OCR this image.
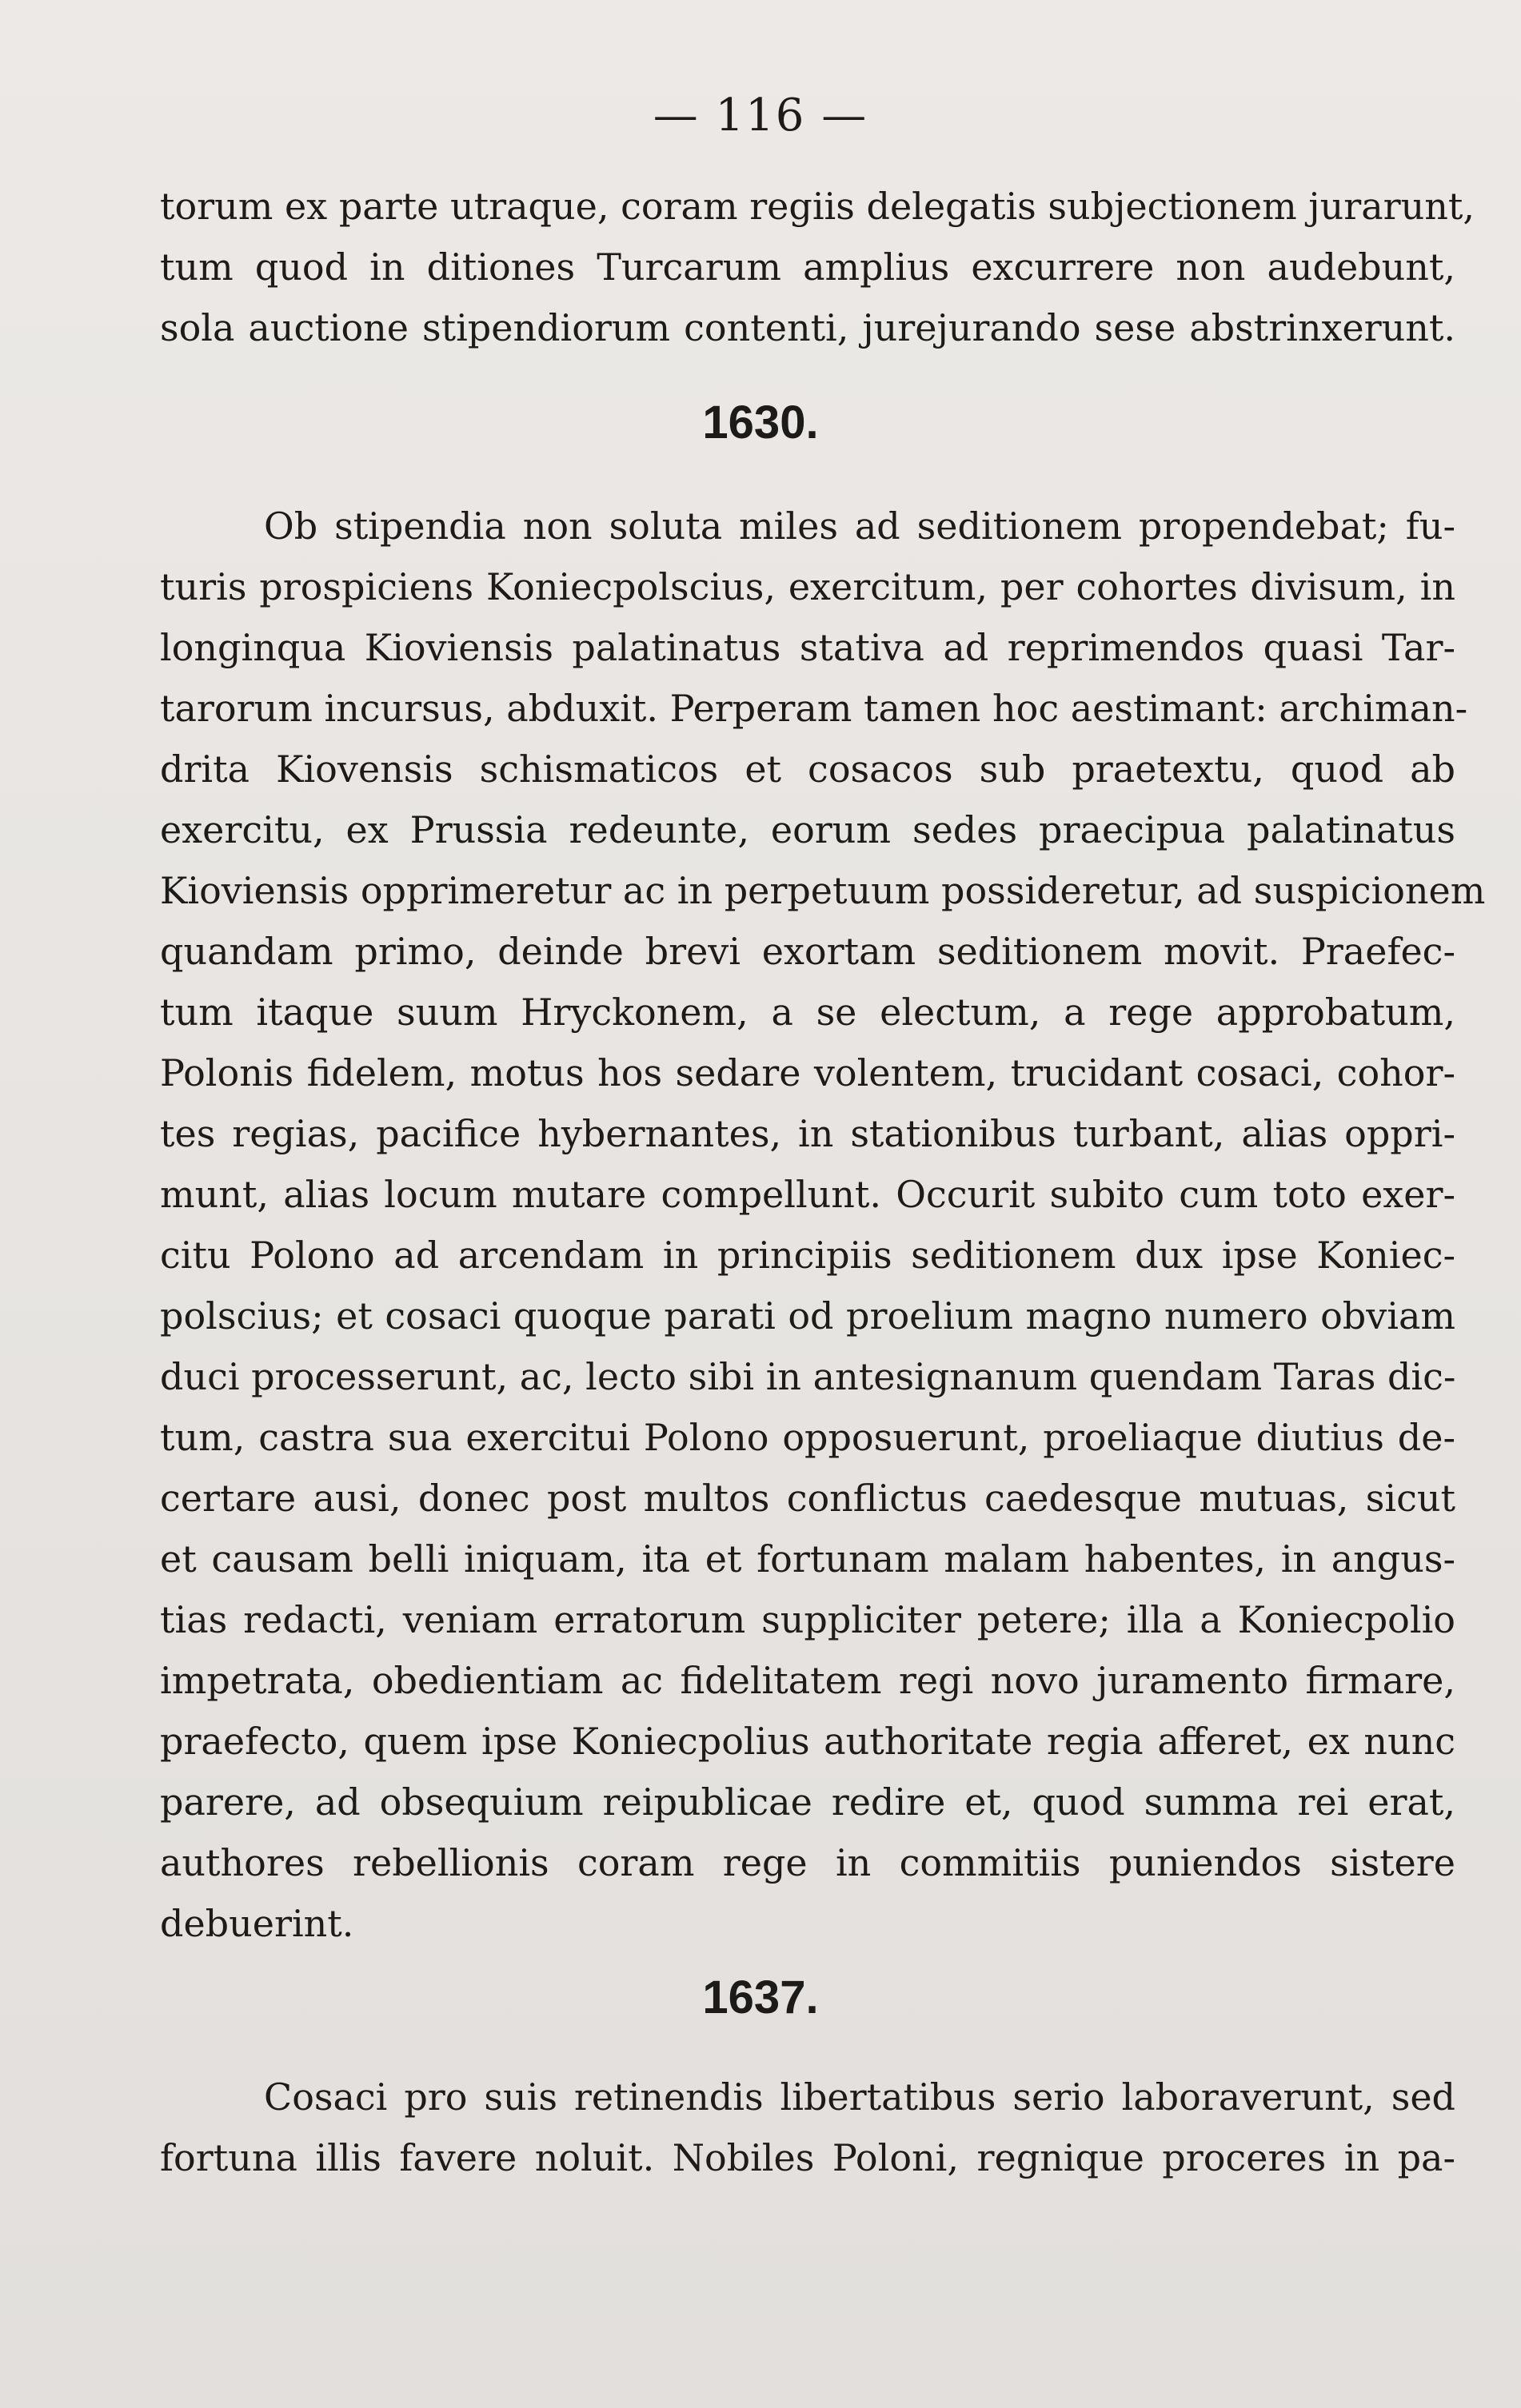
— 116 —
torum ex parte utraque, coram regiis delegatis subjectionem jurarunt,
tum quod in ditiones Turcarum amplius excurrere non audebunt,
sola auctione stipendiorum contenti, jurejurando sese abstrinxerunt.
1630.
Ob stipendia non soluta miles ad seditionem propendebat; fu-
turis prospiciens Koniecpolscius, exercitum, per cohortes divisum, in
longinqua Kioviensis palatinatus stativa ad reprimendos quasi Tar-
tarorum incursus, abduxit. Perperam tamen hoc aestimant: archiman-
drita Kiovensis schismaticos et cosacos sub praetextu, quod ab
exercitu, ex Prussia redeunte, eorum sedes praecipua palatinatus
Kioviensis opprimeretur ac in perpetuum possideretur, ad suspicionem
quandam primo, deinde brevi exortam seditionem movit. Praefec-
tum itaque suum Hryckonem, a se electum, a rege approbatum,
Polonis fidelem, motus hos sedare volentem, trucidant cosaci, cohor-
tes regias, pacifice hybernantes, in stationibus turbant, alias oppri-
munt, alias locum mutare compellunt. Occurit subito cum toto exer-
citu Polono ad arcendam in principiis seditionem dux ipse Koniec-
polscius; et cosaci quoque parati od proelium magno numero obviam
duci processerunt, ac, lecto sibi in antesignanum quendam Taras dic-
tum, castra sua exercitui Polono opposuerunt, proeliaque diutius de-
certare ausi, donec post multos conflictus caedesque mutuas, sicut
et causam belli iniquam, ita et fortunam malam habentes, in angus-
tias redacti, veniam erratorum suppliciter petere; illa a Koniecpolio
impetrata, obedientiam ac fidelitatem regi novo juramento firmare,
praefecto, quem ipse Koniecpolius authoritate regia afferet, ex nunc
parere, ad obsequium reipublicae redire et, quod summa rei erat,
authores rebellionis coram rege in commitiis puniendos sistere
debuerint.
1637.
Cosaci pro suis retinendis libertatibus serio laboraverunt, sed
fortuna illis favere noluit. Nobiles Poloni, regnique proceres in pa-
